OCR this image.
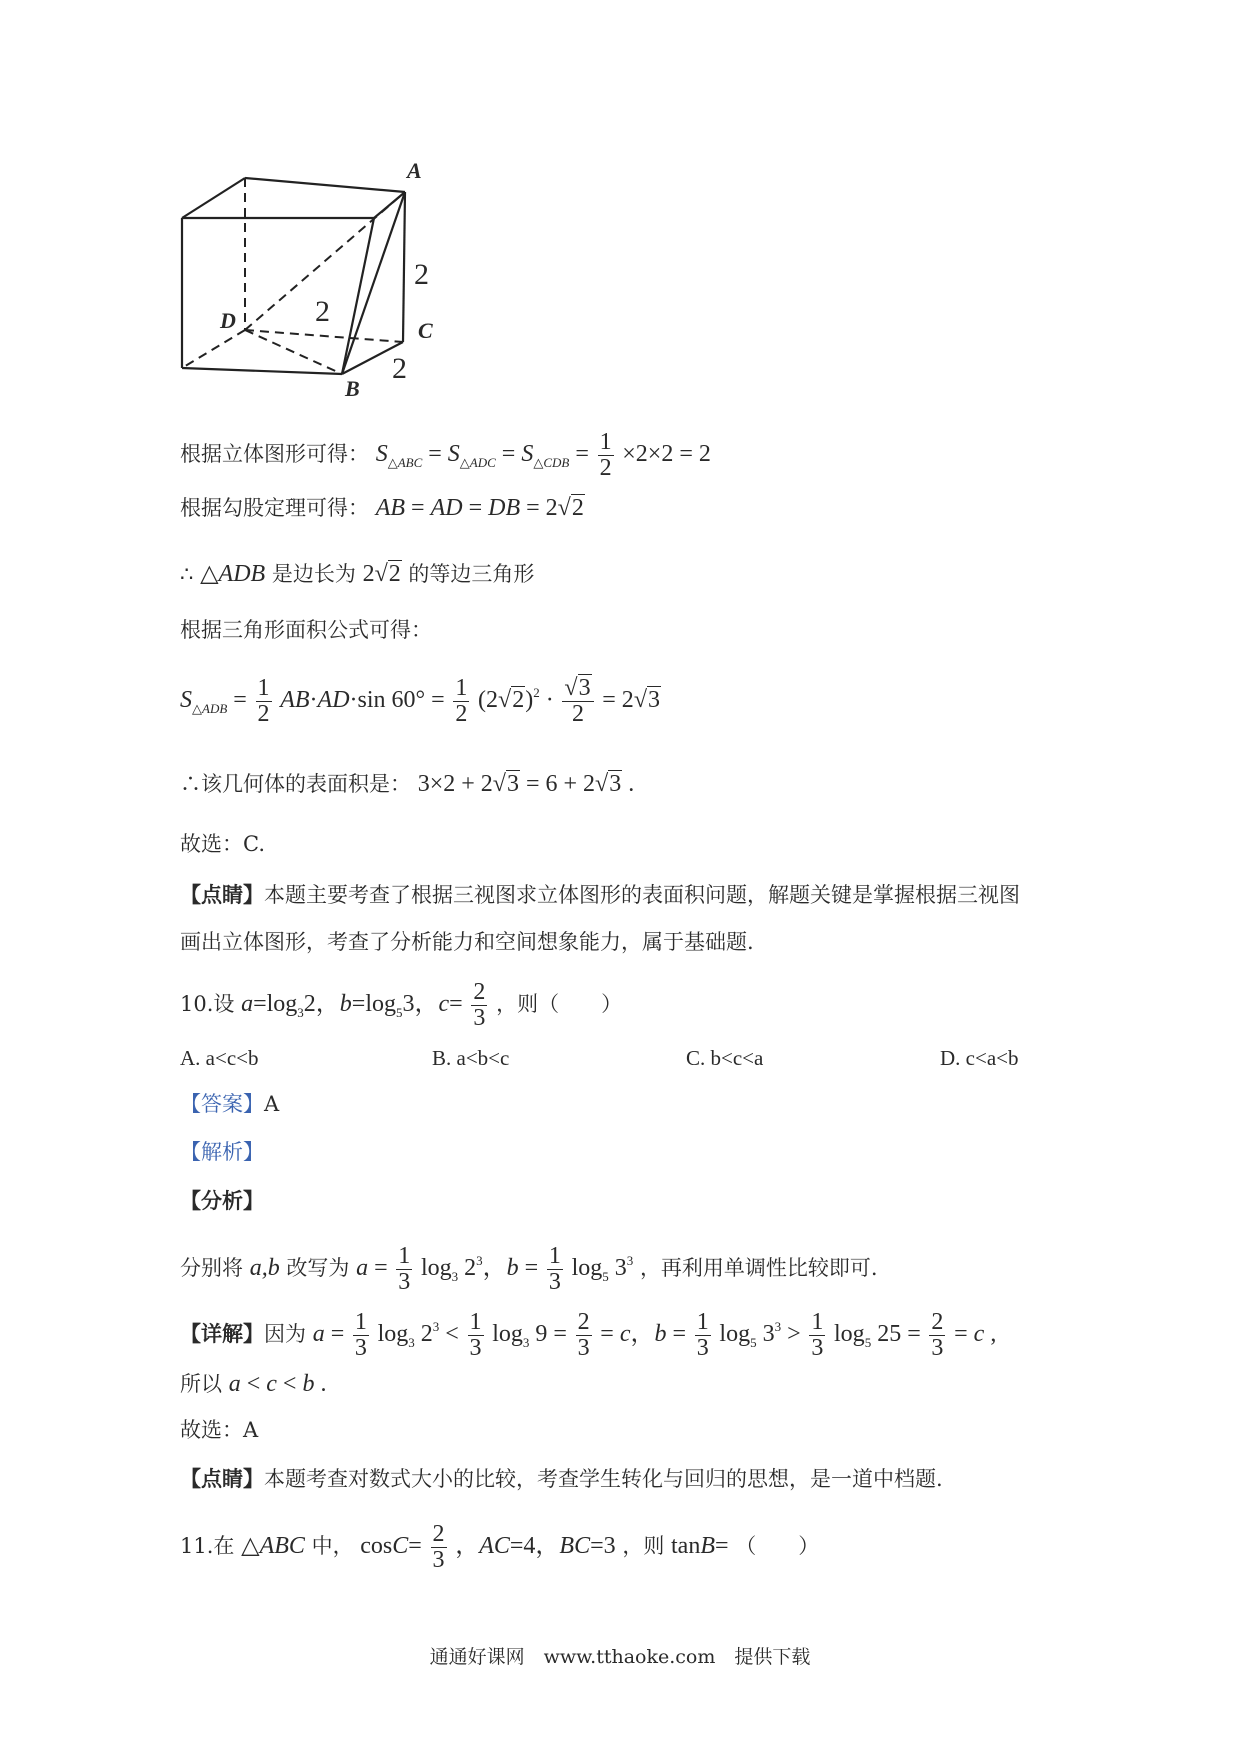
A
D	C
B
2
2
2
根据立体图形可得： $S_{\triangle ABC} = S_{\triangle ADC} = S_{\triangle CDB} = \frac{1}{2} \times 2\times 2 = 2$
根据勾股定理可得： AB = AD = DB = 2√2
∴ △ADB 是边长为 2√2 的等边三角形
根据三角形面积公式可得：
$S_{\triangle ADB} = \frac{1}{2} AB\cdot AD\cdot\sin$ $60^\circ = \frac{1}{2} (2√2)^2 \cdot \frac{√3}{2} = 2√3$
∴该几何体的表面积是： 3×2 + 2√3 = 6 + 2√3 .
故选：C.
【点睛】本题主要考查了根据三视图求立体图形的表面积问题，解题关键是掌握根据三视图
画出立体图形，考查了分析能力和空间想象能力，属于基础题.
10.设 $a=\log_32$，$b=\log_53$，$c= \frac{2}{3}$ ，则（　　）
A. a<c<b	B. a<b<c	C. b<c<a	D. c<a<b
【答案】A
【解析】
【分析】
分别将 a,b 改写为 $a = \frac{1}{3} \log_3 2^3$，$b = \frac{1}{3} \log_5 3^3$ ，再利用单调性比较即可.
【详解】因为 $a = \frac{1}{3} \log_3 2^3 < \frac{1}{3} \log_3 9 = \frac{2}{3} = c$，$b = \frac{1}{3} \log_5 3^3 > \frac{1}{3} \log_5 25 = \frac{2}{3} = c$ ,
所以 a < c < b .
故选：A
【点睛】本题考查对数式大小的比较，考查学生转化与回归的思想，是一道中档题.
11.在 △ABC 中， $\cos C= \frac{2}{3}$ ，AC=4，BC=3 ，则 tanB= （　　）
通通好课网　www.tthaoke.com　提供下载
